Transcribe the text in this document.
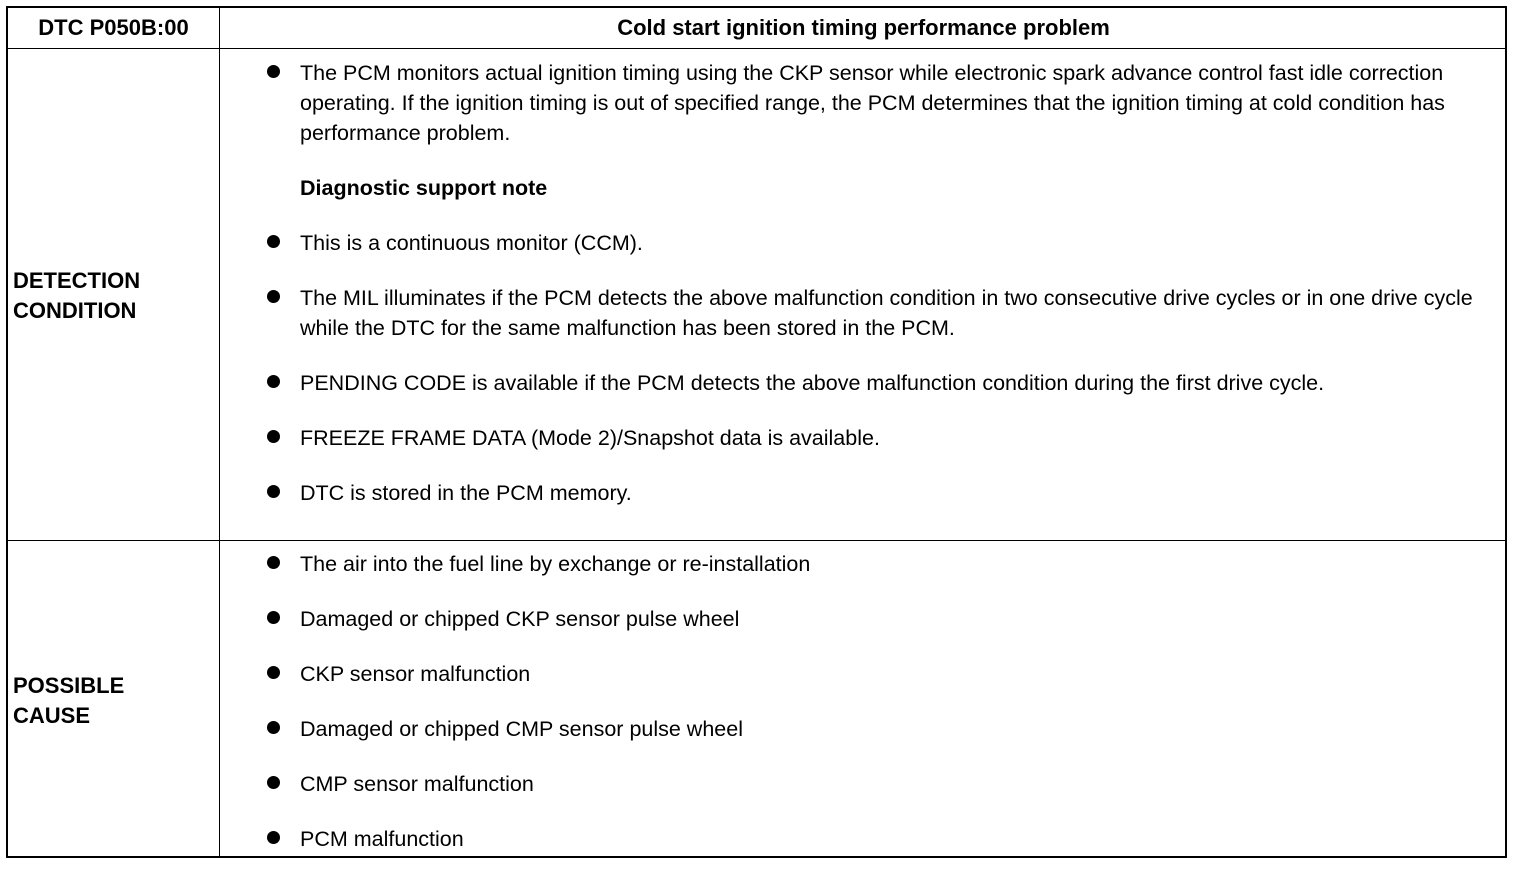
DTC P050B:00	Cold start ignition timing performance problem
DETECTION
CONDITION
The PCM monitors actual ignition timing using the CKP sensor while electronic spark advance control fast idle correction operating. If the ignition timing is out of specified range, the PCM determines that the ignition timing at cold condition has performance problem.
Diagnostic support note
This is a continuous monitor (CCM).
The MIL illuminates if the PCM detects the above malfunction condition in two consecutive drive cycles or in one drive cycle while the DTC for the same malfunction has been stored in the PCM.
PENDING CODE is available if the PCM detects the above malfunction condition during the first drive cycle.
FREEZE FRAME DATA (Mode 2)/Snapshot data is available.
DTC is stored in the PCM memory.
POSSIBLE
CAUSE
The air into the fuel line by exchange or re-installation
Damaged or chipped CKP sensor pulse wheel
CKP sensor malfunction
Damaged or chipped CMP sensor pulse wheel
CMP sensor malfunction
PCM malfunction
